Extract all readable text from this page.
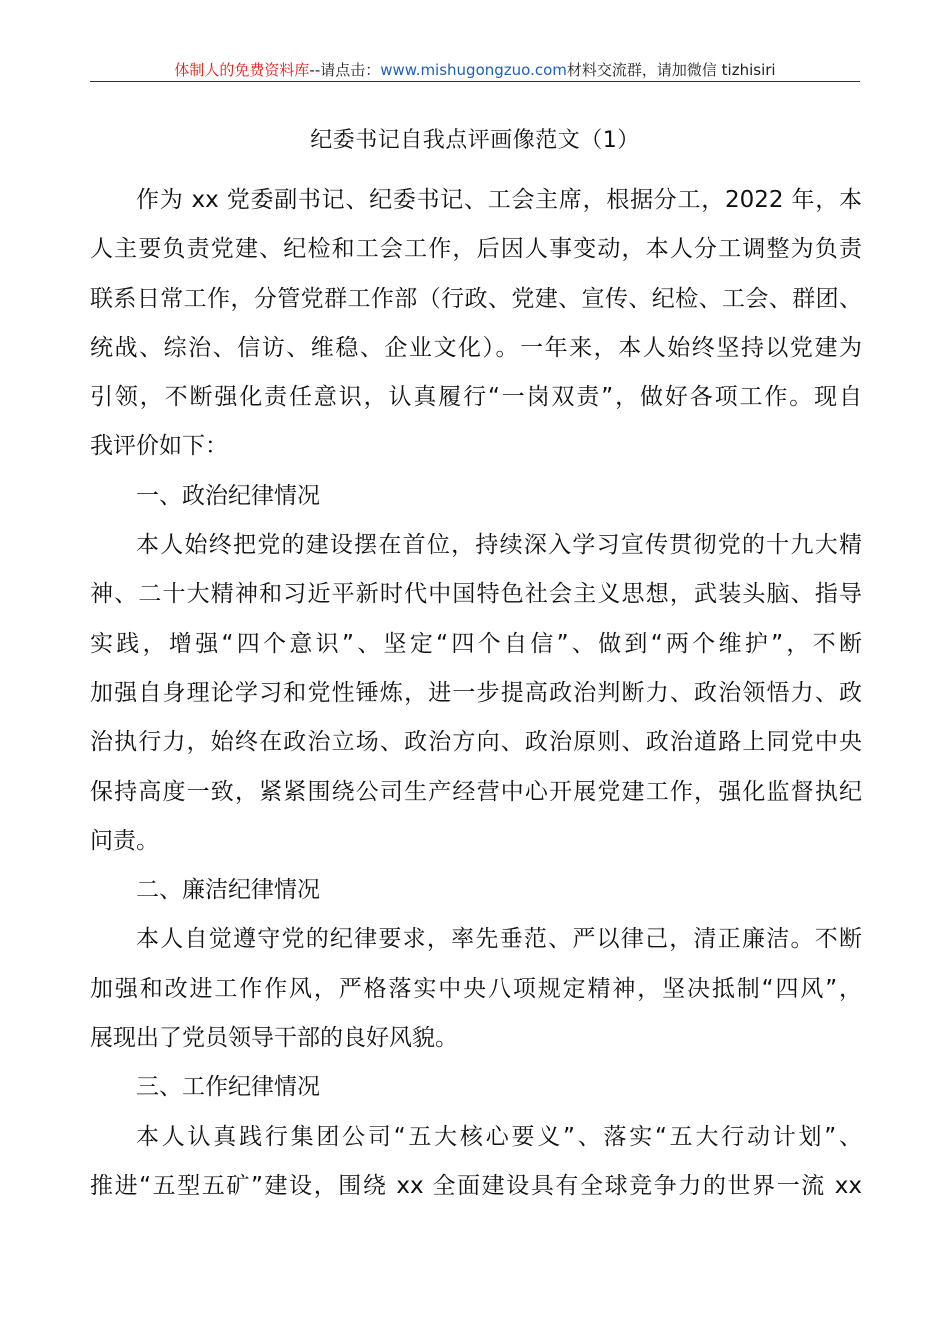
体制人的免费资料库--请点击：www.mishugongzuo.com材料交流群，请加微信 tizhisiri
纪委书记自我点评画像范文（1）
作为 xx 党委副书记、纪委书记、工会主席，根据分工，2022 年，本
人主要负责党建、纪检和工会工作，后因人事变动，本人分工调整为负责
联系日常工作，分管党群工作部（行政、党建、宣传、纪检、工会、群团、
统战、综治、信访、维稳、企业文化）。一年来，本人始终坚持以党建为
引领，不断强化责任意识，认真履行“一岗双责”，做好各项工作。现自
我评价如下：
一、政治纪律情况
本人始终把党的建设摆在首位，持续深入学习宣传贯彻党的十九大精
神、二十大精神和习近平新时代中国特色社会主义思想，武装头脑、指导
实践，增强“四个意识”、坚定“四个自信”、做到“两个维护”，不断
加强自身理论学习和党性锤炼，进一步提高政治判断力、政治领悟力、政
治执行力，始终在政治立场、政治方向、政治原则、政治道路上同党中央
保持高度一致，紧紧围绕公司生产经营中心开展党建工作，强化监督执纪
问责。
二、廉洁纪律情况
本人自觉遵守党的纪律要求，率先垂范、严以律己，清正廉洁。不断
加强和改进工作作风，严格落实中央八项规定精神，坚决抵制“四风”，
展现出了党员领导干部的良好风貌。
三、工作纪律情况
本人认真践行集团公司“五大核心要义”、落实“五大行动计划”、
推进“五型五矿”建设，围绕 xx 全面建设具有全球竞争力的世界一流 xx
